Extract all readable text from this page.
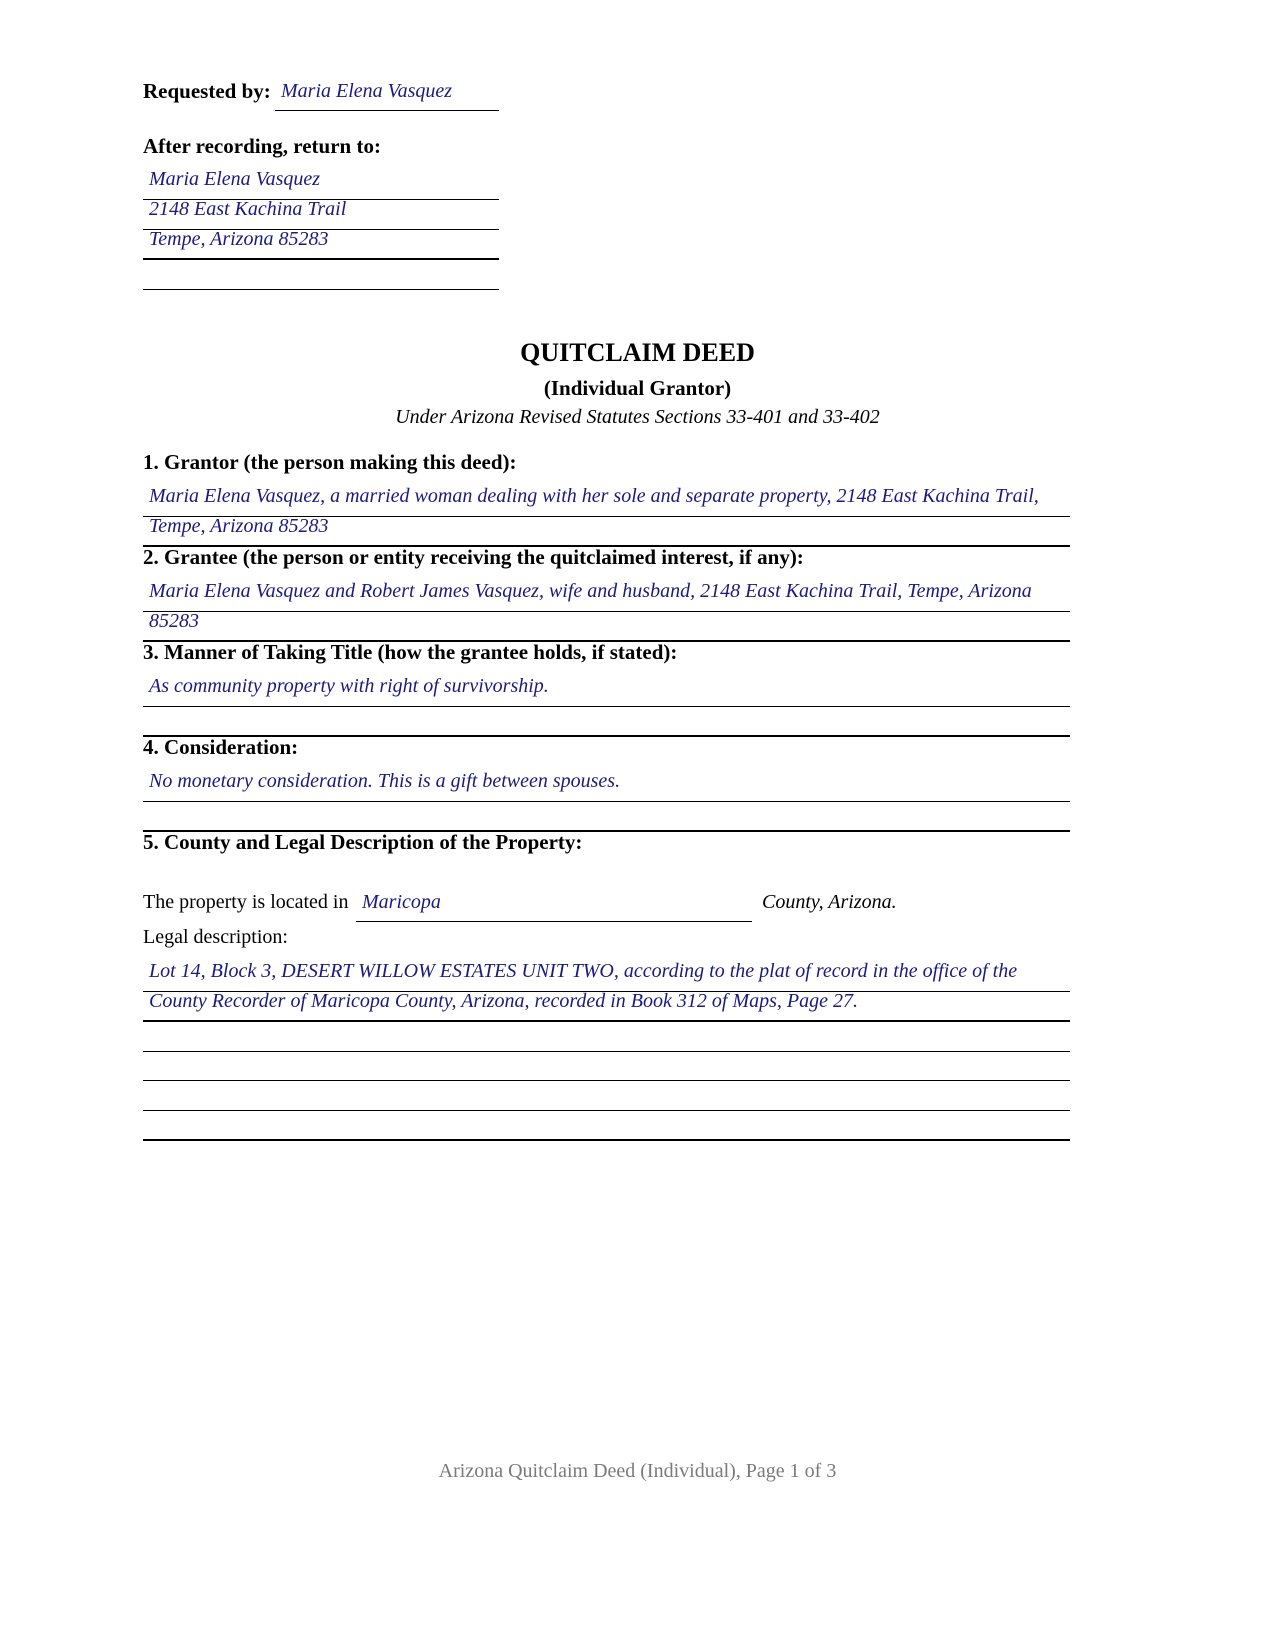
Requested by: Maria Elena Vasquez
After recording, return to:
Maria Elena Vasquez
2148 East Kachina Trail
Tempe, Arizona 85283
QUITCLAIM DEED
(Individual Grantor)
Under Arizona Revised Statutes Sections 33-401 and 33-402
1. Grantor (the person making this deed):
Maria Elena Vasquez, a married woman dealing with her sole and separate property, 2148 East Kachina Trail,
Tempe, Arizona 85283
2. Grantee (the person or entity receiving the quitclaimed interest, if any):
Maria Elena Vasquez and Robert James Vasquez, wife and husband, 2148 East Kachina Trail, Tempe, Arizona
85283
3. Manner of Taking Title (how the grantee holds, if stated):
As community property with right of survivorship.
4. Consideration:
No monetary consideration. This is a gift between spouses.
5. County and Legal Description of the Property:
The property is located in Maricopa	County, Arizona.
Legal description:
Lot 14, Block 3, DESERT WILLOW ESTATES UNIT TWO, according to the plat of record in the office of the
County Recorder of Maricopa County, Arizona, recorded in Book 312 of Maps, Page 27.
Arizona Quitclaim Deed (Individual), Page 1 of 3
